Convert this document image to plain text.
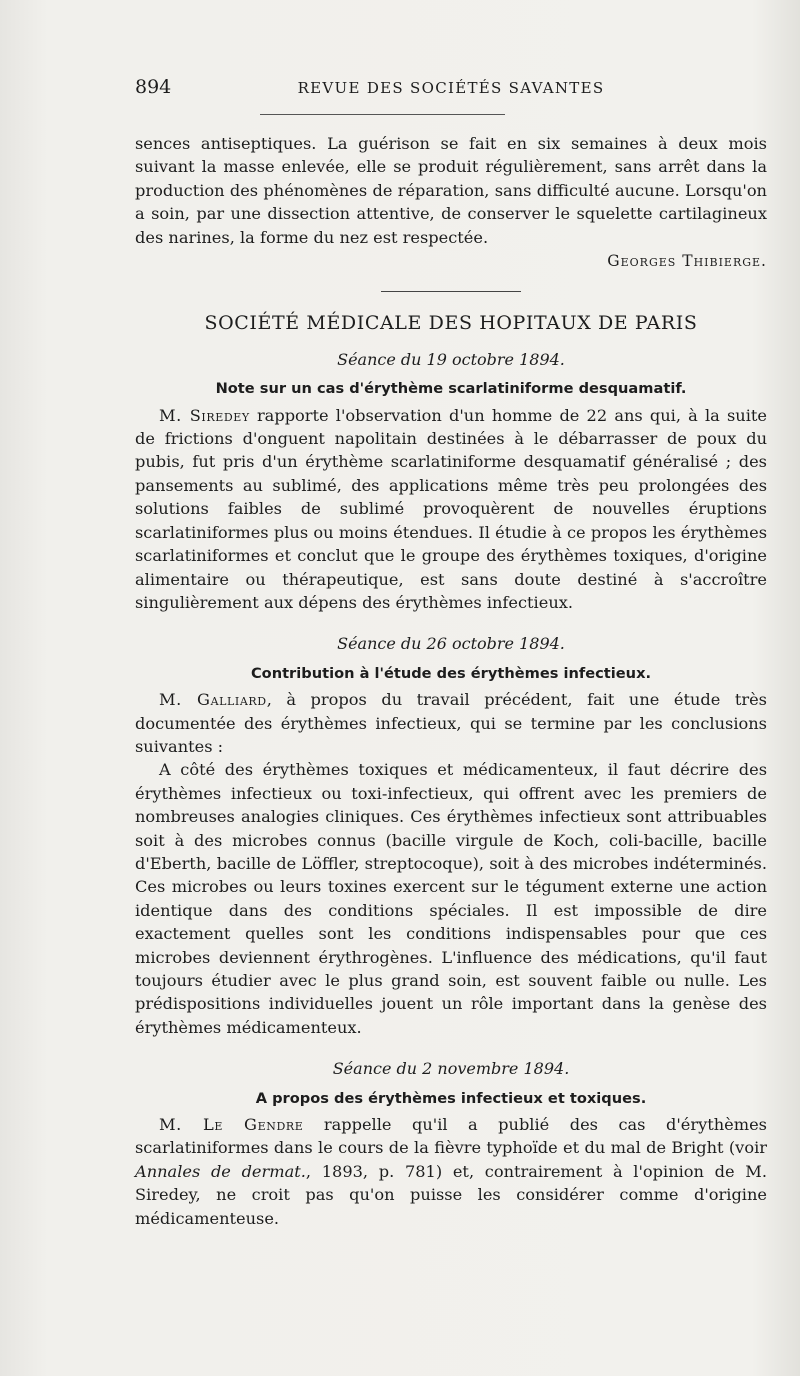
894	REVUE DES SOCIÉTÉS SAVANTES

sences antiseptiques. La guérison se fait en six semaines à deux mois suivant la masse enlevée, elle se produit régulièrement, sans arrêt dans la production des phénomènes de réparation, sans difficulté aucune. Lorsqu'on a soin, par une dissection attentive, de conserver le squelette cartilagineux des narines, la forme du nez est respectée.

Georges Thibierge.
SOCIÉTÉ MÉDICALE DES HOPITAUX DE PARIS
Séance du 19 octobre 1894.
Note sur un cas d'érythème scarlatiniforme desquamatif.

M. Siredey rapporte l'observation d'un homme de 22 ans qui, à la suite de frictions d'onguent napolitain destinées à le débarrasser de poux du pubis, fut pris d'un érythème scarlatiniforme desquamatif généralisé ; des pansements au sublimé, des applications même très peu prolongées des solutions faibles de sublimé provoquèrent de nouvelles éruptions scarlatiniformes plus ou moins étendues. Il étudie à ce propos les érythèmes scarlatiniformes et conclut que le groupe des érythèmes toxiques, d'origine alimentaire ou thérapeutique, est sans doute destiné à s'accroître singulièrement aux dépens des érythèmes infectieux.

Séance du 26 octobre 1894.
Contribution à l'étude des érythèmes infectieux.

M. Galliard, à propos du travail précédent, fait une étude très documentée des érythèmes infectieux, qui se termine par les conclusions suivantes :

A côté des érythèmes toxiques et médicamenteux, il faut décrire des érythèmes infectieux ou toxi-infectieux, qui offrent avec les premiers de nombreuses analogies cliniques. Ces érythèmes infectieux sont attribuables soit à des microbes connus (bacille virgule de Koch, coli-bacille, bacille d'Eberth, bacille de Löffler, streptocoque), soit à des microbes indéterminés. Ces microbes ou leurs toxines exercent sur le tégument externe une action identique dans des conditions spéciales. Il est impossible de dire exactement quelles sont les conditions indispensables pour que ces microbes deviennent érythrogènes. L'influence des médications, qu'il faut toujours étudier avec le plus grand soin, est souvent faible ou nulle. Les prédispositions individuelles jouent un rôle important dans la genèse des érythèmes médicamenteux.

Séance du 2 novembre 1894.
A propos des érythèmes infectieux et toxiques.

M. Le Gendre rappelle qu'il a publié des cas d'érythèmes scarlatiniformes dans le cours de la fièvre typhoïde et du mal de Bright (voir Annales de dermat., 1893, p. 781) et, contrairement à l'opinion de M. Siredey, ne croit pas qu'on puisse les considérer comme d'origine médicamenteuse.
